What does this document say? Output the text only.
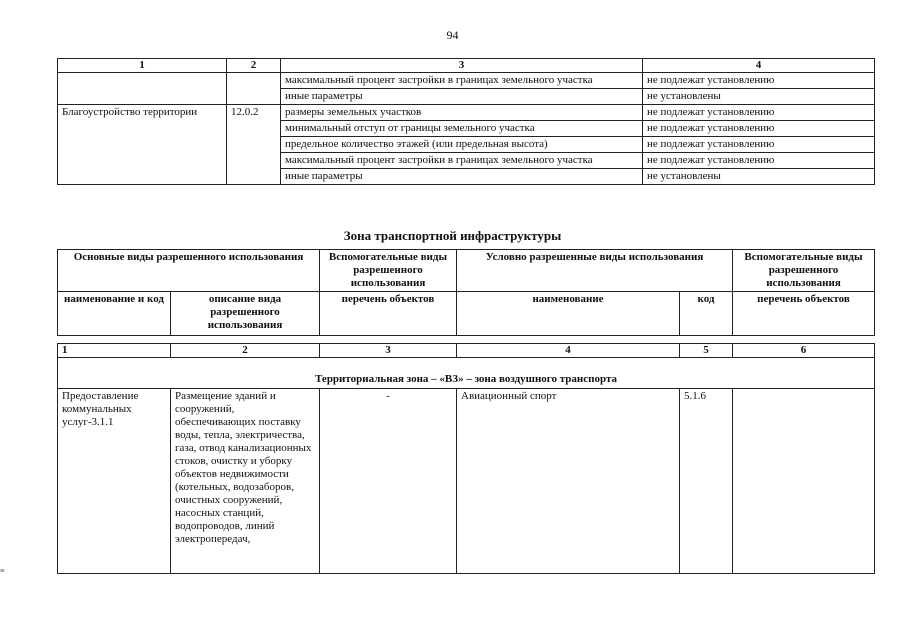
94
1	2	3	4
		максимальный процент застройки в границах земельного участка	не подлежат установлению
		иные параметры	не установлены
Благоустройство территории	12.0.2	размеры земельных участков	не подлежат установлению
		минимальный отступ от границы земельного участка	не подлежат установлению
		предельное количество этажей (или предельная высота)	не подлежат установлению
		максимальный процент застройки в границах земельного участка	не подлежат установлению
		иные параметры	не установлены
Зона транспортной инфраструктуры
Основные виды разрешенного использования		Вспомогательные виды разрешенного использования	Условно разрешенные виды использования		Вспомогательные виды разрешенного использования
наименование и код	описание вида разрешенного использования	перечень объектов	наименование	код	перечень объектов
1	2	3	4	5	6
Территориальная зона – «ВЗ» – зона воздушного транспорта					
Предоставление коммунальных услуг-3.1.1	Размещение зданий и сооружений, обеспечивающих поставку воды, тепла, электричества, газа, отвод канализационных стоков, очистку и уборку объектов недвижимости (котельных, водозаборов, очистных сооружений, насосных станций, водопроводов, линий электропередач,	-	Авиационный спорт	5.1.6	
≡
